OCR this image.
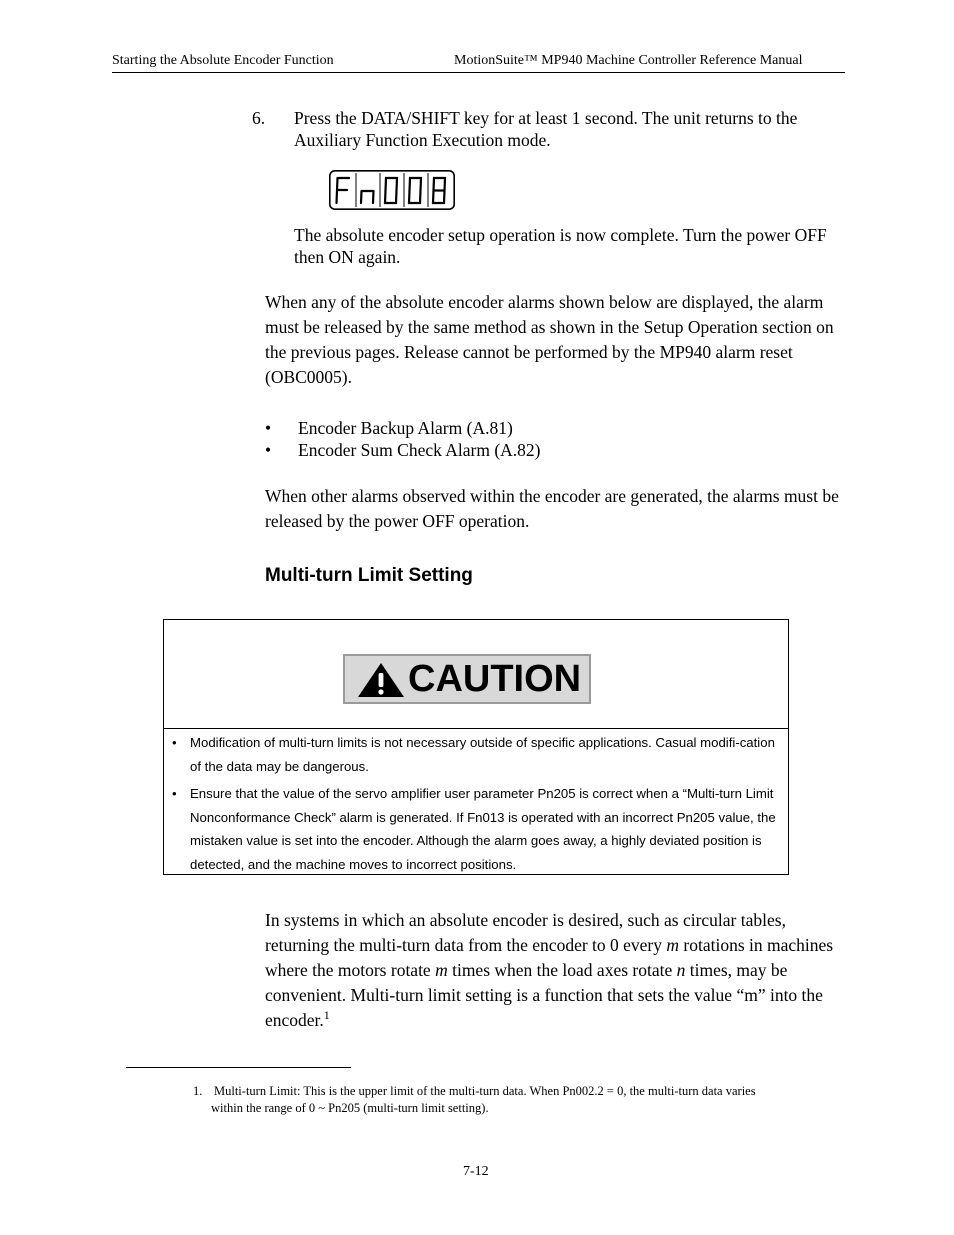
Starting the Absolute Encoder Function	MotionSuite™ MP940 Machine Controller Reference Manual
6. Press the DATA/SHIFT key for at least 1 second. The unit returns to the Auxiliary Function Execution mode.
The absolute encoder setup operation is now complete. Turn the power OFF then ON again.
When any of the absolute encoder alarms shown below are displayed, the alarm must be released by the same method as shown in the Setup Operation section on the previous pages. Release cannot be performed by the MP940 alarm reset (OBC0005).
• Encoder Backup Alarm (A.81)
• Encoder Sum Check Alarm (A.82)
When other alarms observed within the encoder are generated, the alarms must be released by the power OFF operation.
Multi-turn Limit Setting
CAUTION
• Modification of multi-turn limits is not necessary outside of specific applications. Casual modifi-cation of the data may be dangerous.
• Ensure that the value of the servo amplifier user parameter Pn205 is correct when a “Multi-turn Limit Nonconformance Check” alarm is generated. If Fn013 is operated with an incorrect Pn205 value, the mistaken value is set into the encoder. Although the alarm goes away, a highly deviated position is detected, and the machine moves to incorrect positions.
In systems in which an absolute encoder is desired, such as circular tables, returning the multi-turn data from the encoder to 0 every m rotations in machines where the motors rotate m times when the load axes rotate n times, may be convenient. Multi-turn limit setting is a function that sets the value “m” into the encoder.$^1$
1. Multi-turn Limit: This is the upper limit of the multi-turn data. When Pn002.2 = 0, the multi-turn data varies
within the range of 0 ~ Pn205 (multi-turn limit setting).
7-12
